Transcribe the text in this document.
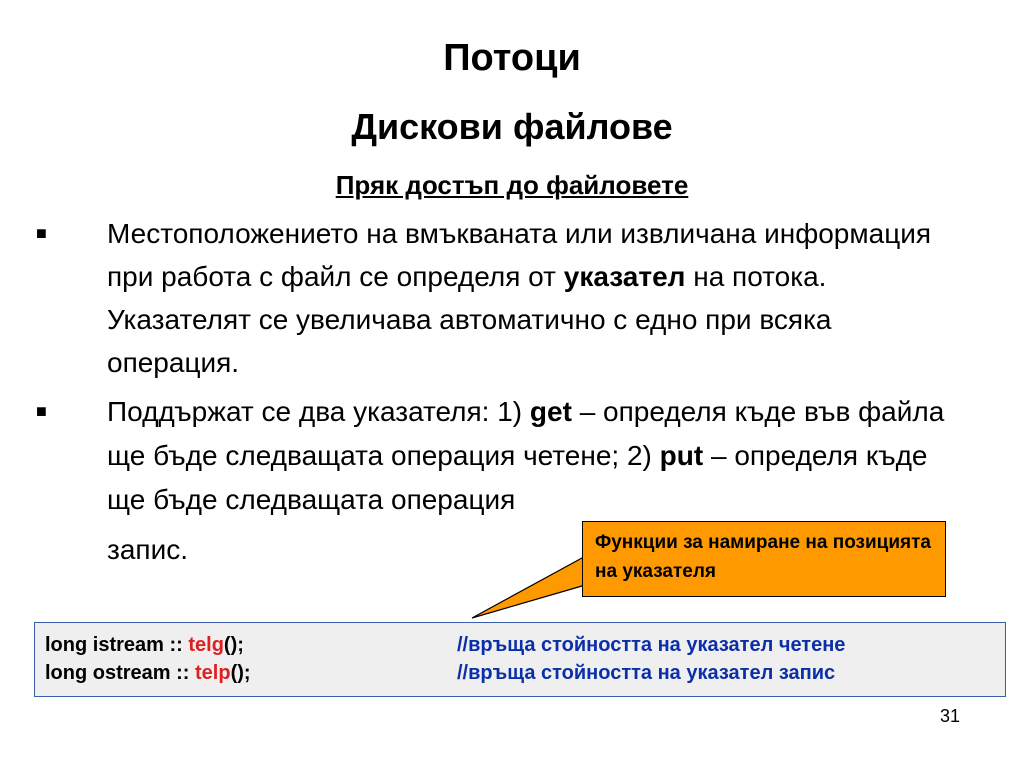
Потоци
Дискови файлове
Пряк достъп до файловете
■ Местоположението на вмъкваната или извличана информация при работа с файл се определя от указател на потока. Указателят се увеличава автоматично с едно при всяка операция.
■ Поддържат се два указателя: 1) get – определя къде във файла ще бъде следващата операция четене; 2) put – определя къде ще бъде следващата операция
запис.	Функции за намиране на позицията на указателя
long istream :: telg();	//връща стойността на указател четене
long ostream :: telp();	//връща стойността на указател запис
31
